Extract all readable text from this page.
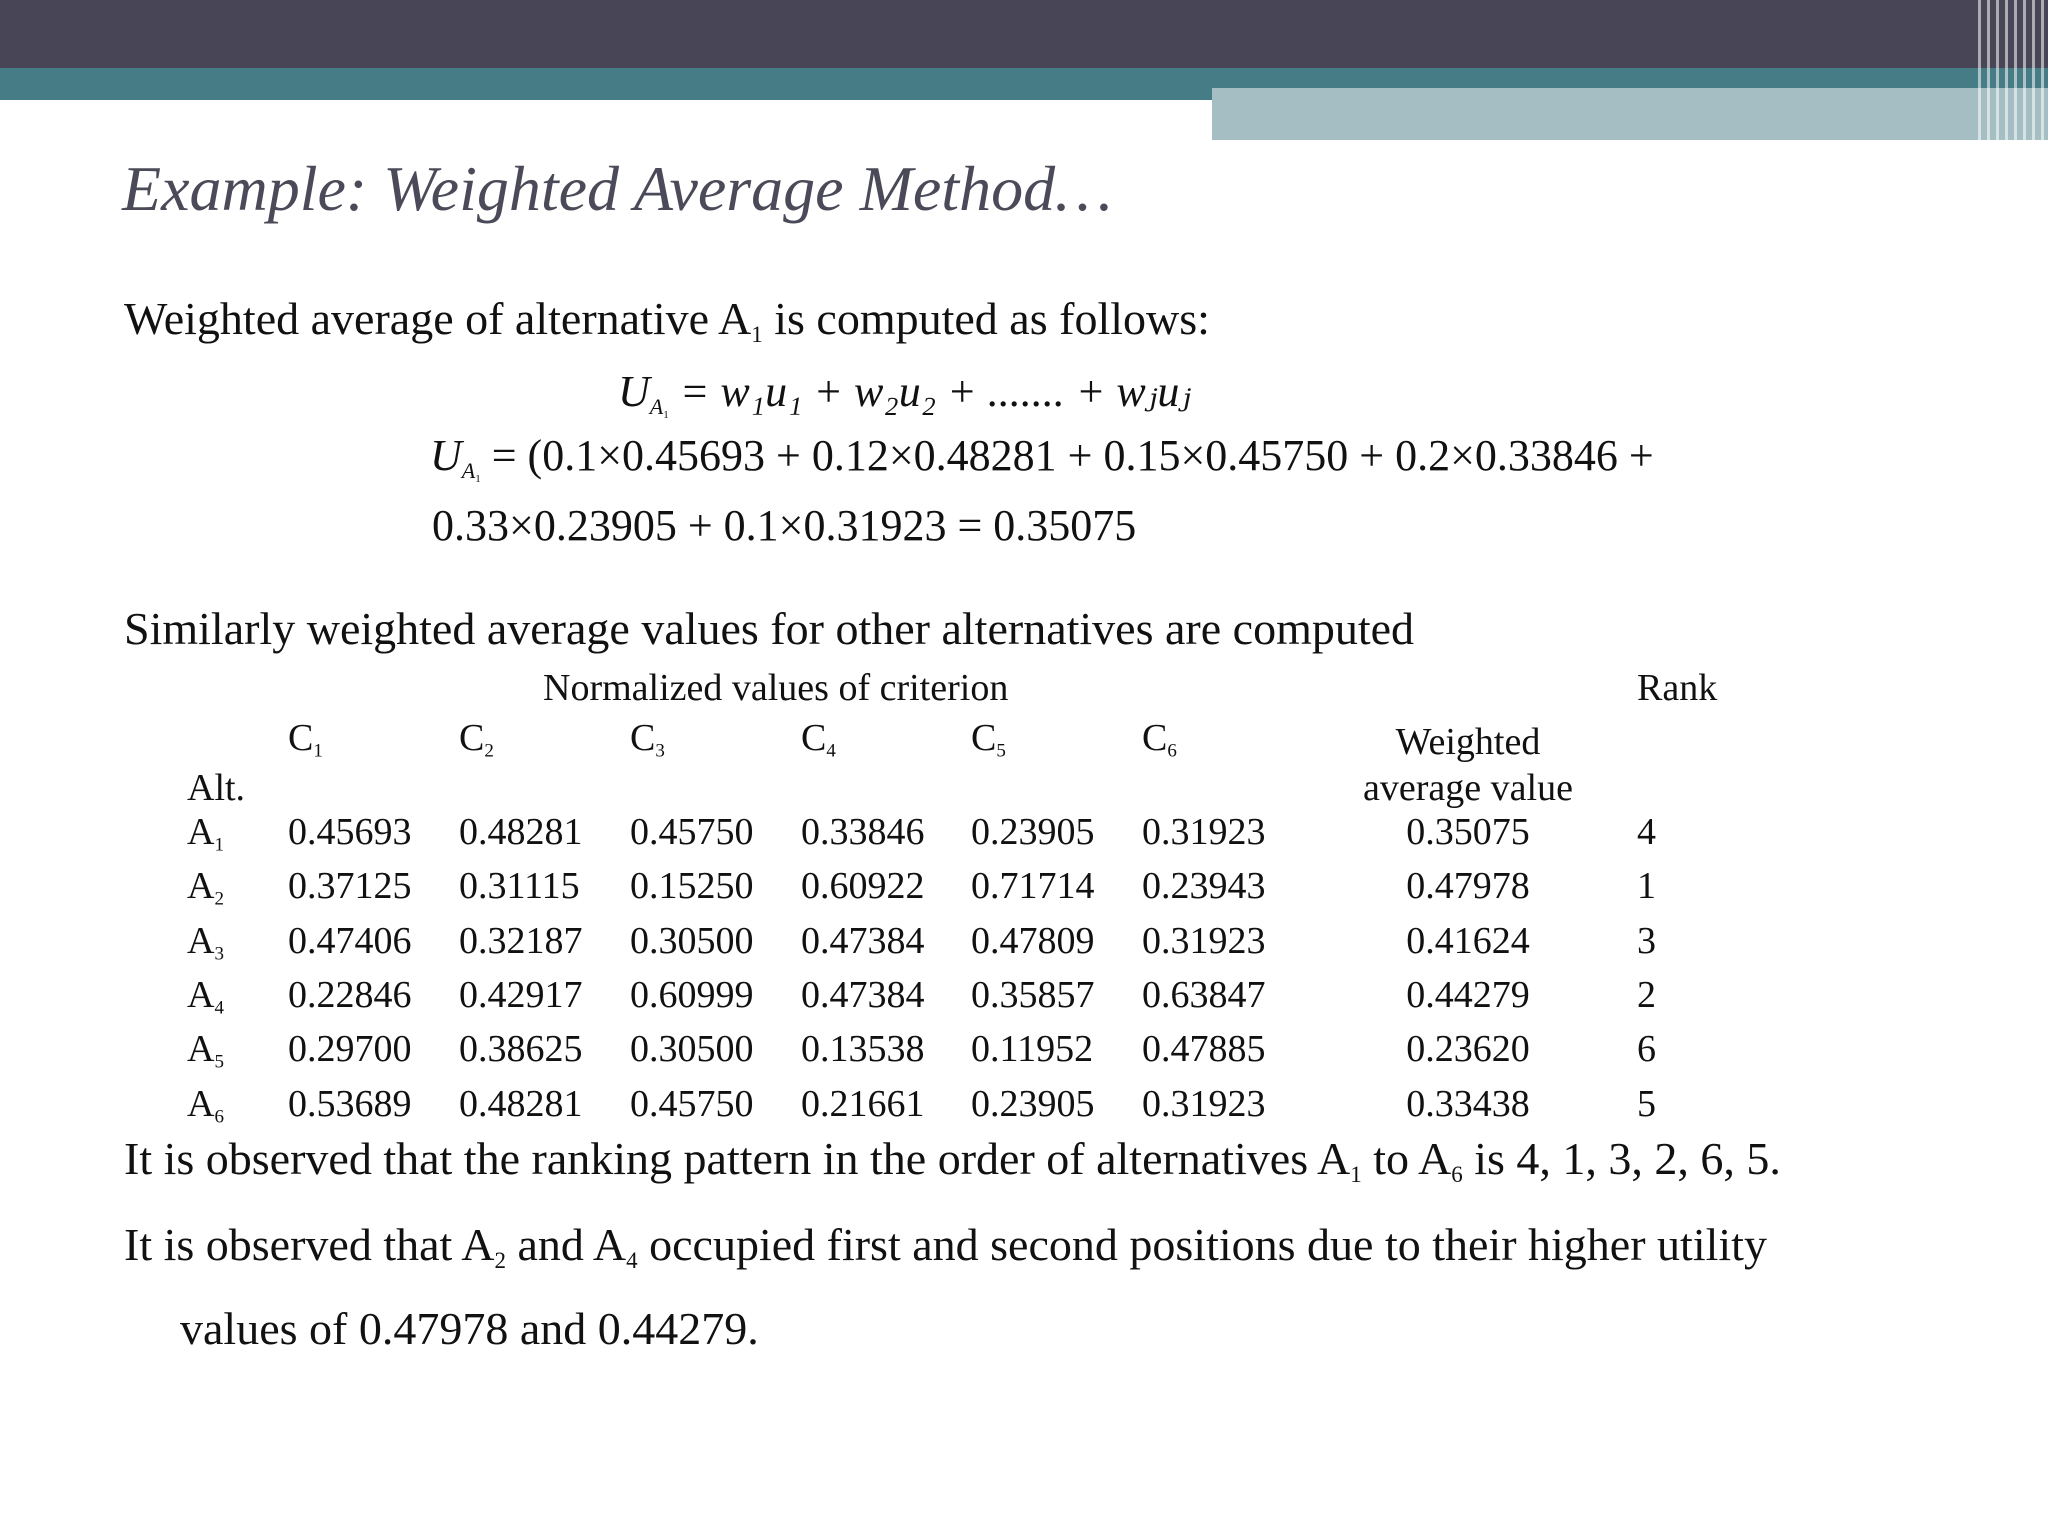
Example: Weighted Average Method…
Weighted average of alternative $A_1$ is computed as follows:
$U_{A_1} = w_1u_1 + w_2u_2$ + ....... + wⱼuⱼ
$U_{A_1} = (0.1\times 0.45693 + 0.12\times 0.48281 + 0.15\times 0.45750 + 0.2\times 0.33846$ +
0.33×0.23905 + 0.1×0.31923 = 0.35075
Similarly weighted average values for other alternatives are computed
Normalized values of criterion	Rank
Weighted
average value
Alt.
$C_1$	$C_2$	$C_3$	$C_4$	$C_5$	$C_6$
$A_1$ 0.45693 0.48281 0.45750 0.33846 0.23905 0.31923	0.35075	4
$A_2$ 0.37125 0.31115 0.15250 0.60922 0.71714 0.23943	0.47978	1
$A_3$ 0.47406 0.32187 0.30500 0.47384 0.47809 0.31923	0.41624	3
$A_4$ 0.22846 0.42917 0.60999 0.47384 0.35857 0.63847	0.44279	2
$A_5$ 0.29700 0.38625 0.30500 0.13538 0.11952 0.47885	0.23620	6
$A_6$ 0.53689 0.48281 0.45750 0.21661 0.23905 0.31923	0.33438	5
It is observed that the ranking pattern in the order of alternatives $A_1$ to $A_6$ is 4, 1, 3, 2, 6, 5.
It is observed that $A_2$ and $A_4$ occupied first and second positions due to their higher utility
values of 0.47978 and 0.44279.
